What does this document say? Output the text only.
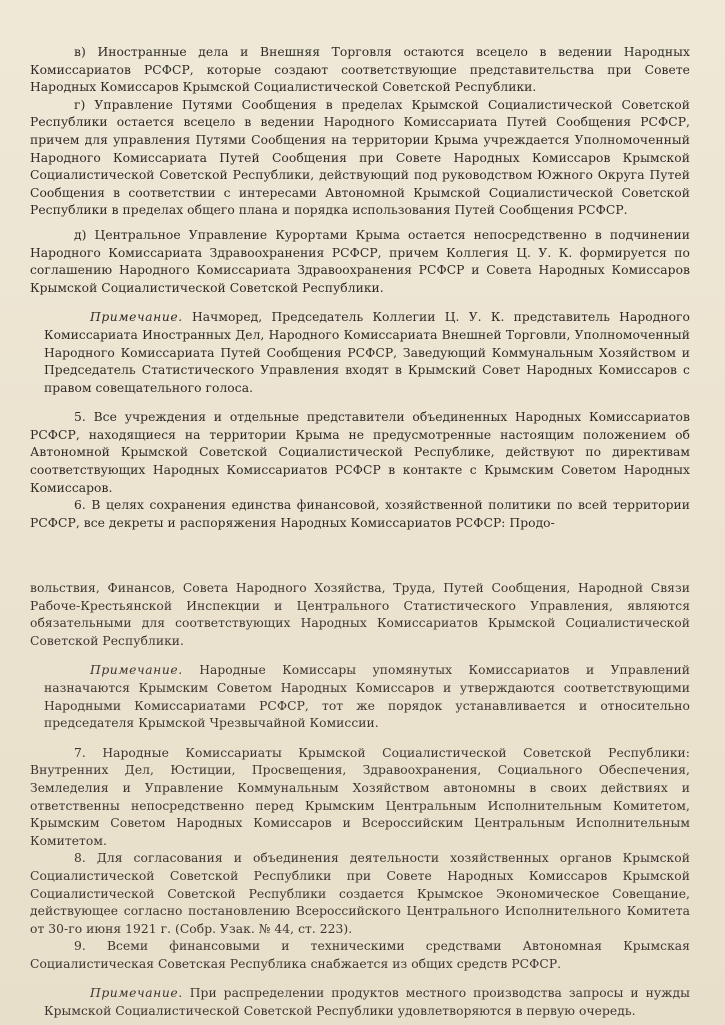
в) Иностранные дела и Внешняя Торговля остаются всецело в ведении Народных Комиссариатов РСФСР, которые создают соответствующие представительства при Совете Народных Комиссаров Крымской Социалистической Советской Республики.

г) Управление Путями Сообщения в пределах Крымской Социалистической Советской Республики остается всецело в ведении Народного Комиссариата Путей Сообщения РСФСР, причем для управления Путями Сообщения на территории Крыма учреждается Уполномоченный Народного Комиссариата Путей Сообщения при Совете Народных Комиссаров Крымской Социалистической Советской Республики, действующий под руководством Южного Округа Путей Сообщения в соответствии с интересами Автономной Крымской Социалистической Советской Республики в пределах общего плана и порядка использования Путей Сообщения РСФСР.

д) Центральное Управление Курортами Крыма остается непосредственно в подчинении Народного Комиссариата Здравоохранения РСФСР, причем Коллегия Ц. У. К. формируется по соглашению Народного Комиссариата Здравоохранения РСФСР и Совета Народных Комиссаров Крымской Социалистической Советской Республики.

Примечание. Начморед, Председатель Коллегии Ц. У. К. представитель Народного Комиссариата Иностранных Дел, Народного Комиссариата Внешней Торговли, Уполномоченный Народного Комиссариата Путей Сообщения РСФСР, Заведующий Коммунальным Хозяйством и Председатель Статистического Управления входят в Крымский Совет Народных Комиссаров с правом совещательного голоса.

5. Все учреждения и отдельные представители объединенных Народных Комиссариатов РСФСР, находящиеся на территории Крыма не предусмотренные настоящим положением об Автономной Крымской Советской Социалистической Республике, действуют по директивам соответствующих Народных Комиссариатов РСФСР в контакте с Крымским Советом Народных Комиссаров.

6. В целях сохранения единства финансовой, хозяйственной политики по всей территории РСФСР, все декреты и распоряжения Народных Комиссариатов РСФСР: Продо-

вольствия, Финансов, Совета Народного Хозяйства, Труда, Путей Сообщения, Народной Связи Рабоче-Крестьянской Инспекции и Центрального Статистического Управления, являются обязательными для соответствующих Народных Комиссариатов Крымской Социалистической Советской Республики.

Примечание. Народные Комиссары упомянутых Комиссариатов и Управлений назначаются Крымским Советом Народных Комиссаров и утверждаются соответствующими Народными Комиссариатами РСФСР, тот же порядок устанавливается и относительно председателя Крымской Чрезвычайной Комиссии.

7. Народные Комиссариаты Крымской Социалистической Советской Республики: Внутренних Дел, Юстиции, Просвещения, Здравоохранения, Социального Обеспечения, Земледелия и Управление Коммунальным Хозяйством автономны в своих действиях и ответственны непосредственно перед Крымским Центральным Исполнительным Комитетом, Крымским Советом Народных Комиссаров и Всероссийским Центральным Исполнительным Комитетом.

8. Для согласования и объединения деятельности хозяйственных органов Крымской Социалистической Советской Республики при Совете Народных Комиссаров Крымской Социалистической Советской Республики создается Крымское Экономическое Совещание, действующее согласно постановлению Всероссийского Центрального Исполнительного Комитета от 30-го июня 1921 г. (Собр. Узак. № 44, ст. 223).

9. Всеми финансовыми и техническими средствами Автономная Крымская Социалистическая Советская Республика снабжается из общих средств РСФСР.

Примечание. При распределении продуктов местного производства запросы и нужды Крымской Социалистической Советской Республики удовлетворяются в первую очередь.
